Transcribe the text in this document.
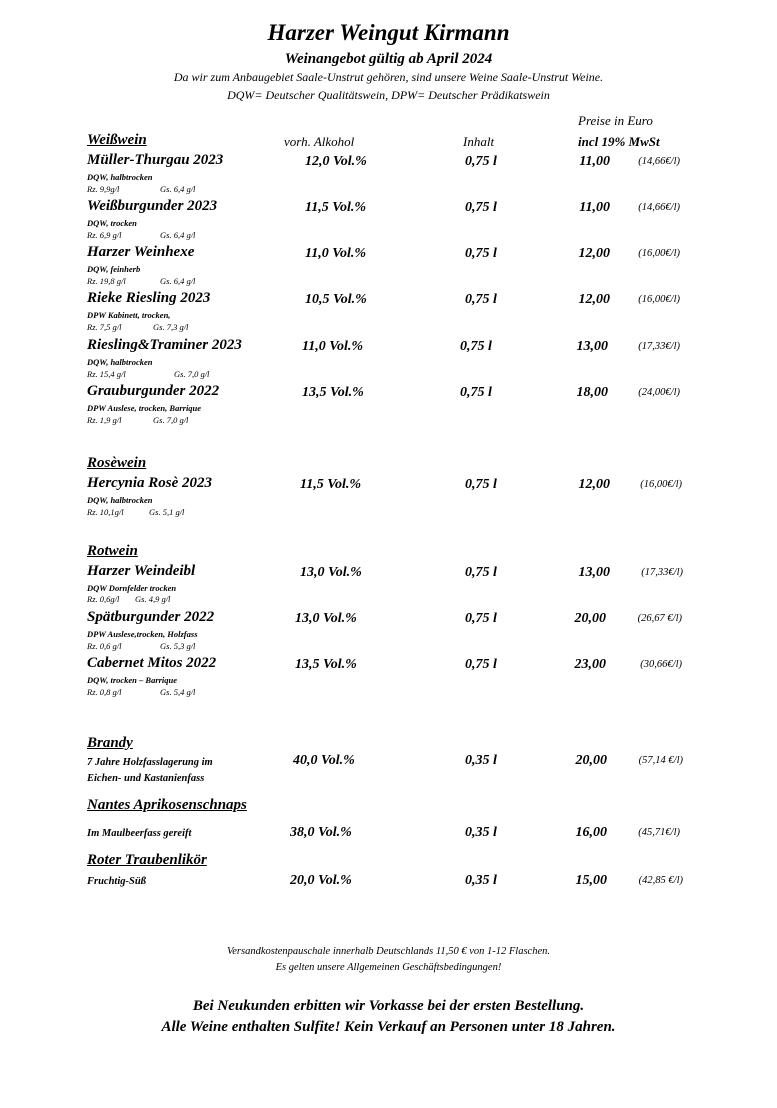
Harzer Weingut Kirmann
Weinangebot gültig ab April 2024
Da wir zum Anbaugebiet Saale-Unstrut gehören, sind unsere Weine Saale-Unstrut Weine.
DQW= Deutscher Qualitätswein, DPW= Deutscher Prädikatswein
Preise in Euro
Weißwein	vorh. Alkohol	Inhalt	incl 19% MwSt
Müller-Thurgau 2023
DQW, halbtrocken
Rz. 9,9g/l	Gs. 6,4 g/l
12,0 Vol.%	0,75 l	11,00	(14,66€/l)
Weißburgunder 2023
DQW, trocken
Rz. 6,9 g/l	Gs. 6,4 g/l
11,5 Vol.%	0,75 l	11,00	(14,66€/l)
Harzer Weinhexe
DQW, feinherb
Rz. 19,8 g/l	Gs. 6,4 g/l
11,0 Vol.%	0,75 l	12,00	(16,00€/l)
Rieke Riesling 2023
DPW Kabinett, trocken,
Rz. 7,5 g/l	Gs. 7,3 g/l
10,5 Vol.%	0,75 l	12,00	(16,00€/l)
Riesling&Traminer 2023
DQW, halbtrocken
Rz. 15,4 g/l	Gs. 7,0 g/l
11,0 Vol.%	0,75 l	13,00	(17,33€/l)
Grauburgunder 2022
DPW Auslese, trocken, Barrique
Rz. 1,9 g/l	Gs. 7,0 g/l
13,5 Vol.%	0,75 l	18,00	(24,00€/l)
Rosèwein
Hercynia Rosè 2023
DQW, halbtrocken
Rz. 10,1g/l	Gs. 5,1 g/l
11,5 Vol.%	0,75 l	12,00	(16,00€/l)
Rotwein
Harzer Weindeibl
DQW Dornfelder trocken
Rz. 0,6g/l Gs. 4,9 g/l
13,0 Vol.%	0,75 l	13,00	(17,33€/l)
Spätburgunder 2022
DPW Auslese,trocken, Holzfass
Rz. 0,6 g/l	Gs. 5,3 g/l
13,0 Vol.%	0,75 l	20,00	(26,67 €/l)
Cabernet Mitos 2022
DQW, trocken – Barrique
Rz. 0,8 g/l	Gs. 5,4 g/l
13,5 Vol.%	0,75 l	23,00	(30,66€/l)
Brandy
7 Jahre Holzfasslagerung im
Eichen- und Kastanienfass
40,0 Vol.%	0,35 l	20,00	(57,14 €/l)
Nantes Aprikosenschnaps
Im Maulbeerfass gereift	38,0 Vol.%	0,35 l	16,00	(45,71€/l)
Roter Traubenlikör
Fruchtig-Süß	20,0 Vol.%	0,35 l	15,00	(42,85 €/l)
Versandkostenpauschale innerhalb Deutschlands 11,50 € von 1-12 Flaschen.
Es gelten unsere Allgemeinen Geschäftsbedingungen!
Bei Neukunden erbitten wir Vorkasse bei der ersten Bestellung.
Alle Weine enthalten Sulfite! Kein Verkauf an Personen unter 18 Jahren.
